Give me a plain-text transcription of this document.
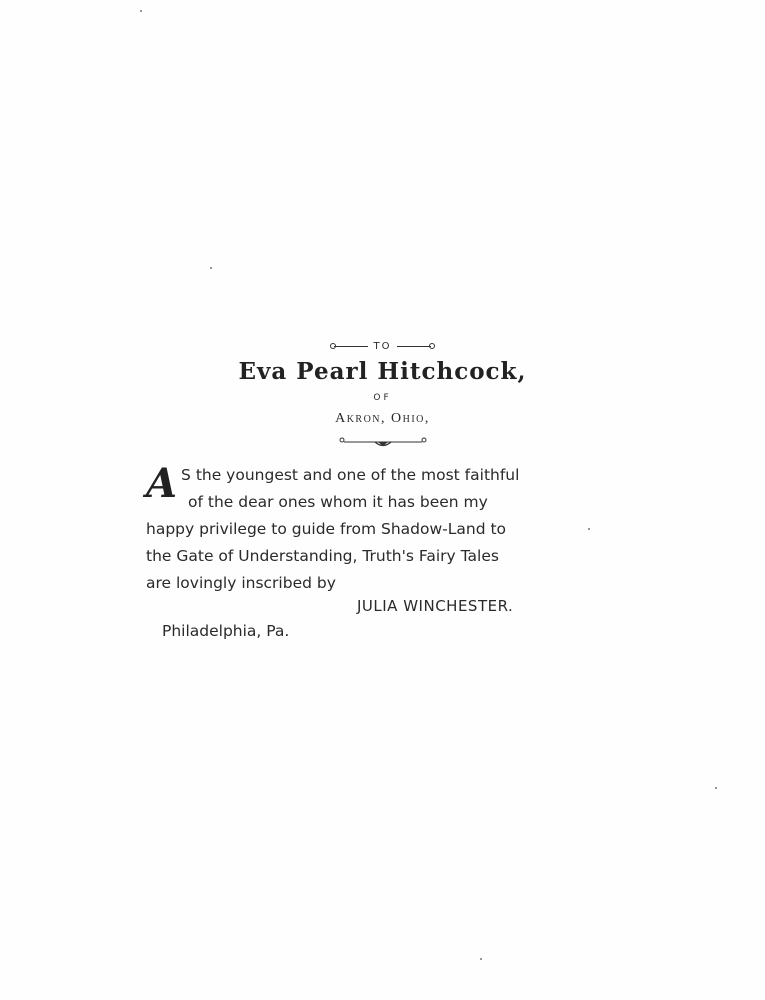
TO
Eva Pearl Hitchcock,
OF
Akron, Ohio,
A S the youngest and one of the most faithful
of the dear ones whom it has been my
happy privilege to guide from Shadow-Land to
the Gate of Understanding, Truth's Fairy Tales
are lovingly inscribed by
JULIA WINCHESTER.
Philadelphia, Pa.
